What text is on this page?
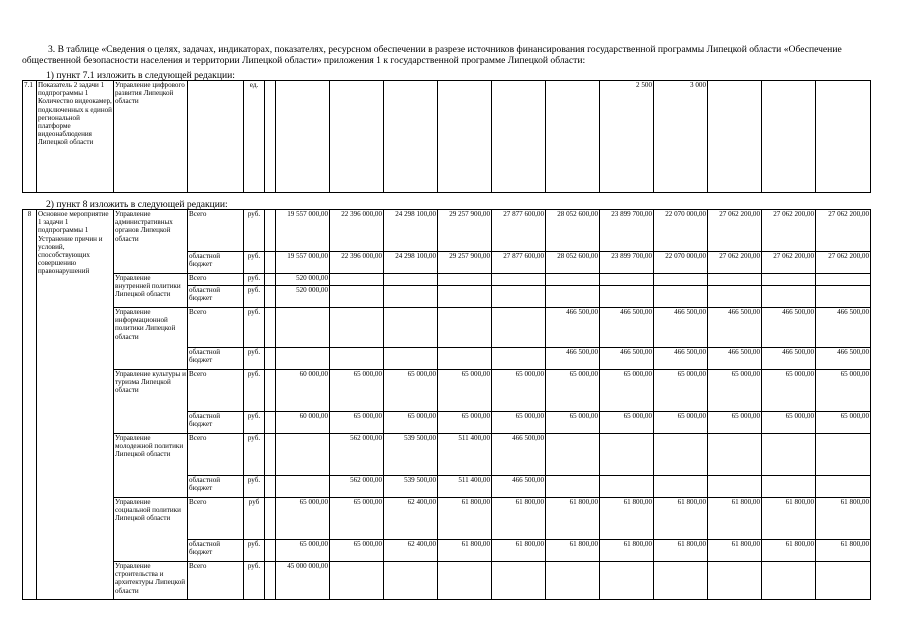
3. В таблице «Сведения о целях, задачах, индикаторах, показателях, ресурсном обеспечении в разрезе источников финансирования государственной программы Липецкой области «Обеспечение общественной безопасности населения и территории Липецкой области» приложения 1 к государственной программе Липецкой области:
1) пункт 7.1 изложить в следующей редакции:
7.1	Показатель 2 задачи 1 подпрограммы 1 Количество видеокамер, подключенных к единой региональной платформе видеонаблюдения Липецкой области	Управление цифрового развития Липецкой области		ед.								2 500	3 000			
2) пункт 8 изложить в следующей редакции:
8	Основное мероприятие 1 задачи 1 подпрограммы 1 Устранение причин и условий, способствующих совершению правонарушений	Управление административных органов Липецкой области	Всего	руб.		19 557 000,00	22 396 000,00	24 298 100,00	29 257 900,00	27 877 600,00	28 052 600,00	23 899 700,00	22 070 000,00	27 062 200,00	27 062 200,00	27 062 200,00
			областной бюджет	руб.		19 557 000,00	22 396 000,00	24 298 100,00	29 257 900,00	27 877 600,00	28 052 600,00	23 899 700,00	22 070 000,00	27 062 200,00	27 062 200,00	27 062 200,00
		Управление внутренней политики Липецкой области	Всего	руб.		520 000,00										
			областной бюджет	руб.		520 000,00										
		Управление информационной политики Липецкой области	Всего	руб.							466 500,00	466 500,00	466 500,00	466 500,00	466 500,00	466 500,00
			областной бюджет	руб.							466 500,00	466 500,00	466 500,00	466 500,00	466 500,00	466 500,00
		Управление культуры и туризма Липецкой области	Всего	руб.		60 000,00	65 000,00	65 000,00	65 000,00	65 000,00	65 000,00	65 000,00	65 000,00	65 000,00	65 000,00	65 000,00
			областной бюджет	руб.		60 000,00	65 000,00	65 000,00	65 000,00	65 000,00	65 000,00	65 000,00	65 000,00	65 000,00	65 000,00	65 000,00
		Управление молодежной политики Липецкой области	Всего	руб.			562 000,00	539 500,00	511 400,00	466 500,00						
			областной бюджет	руб.			562 000,00	539 500,00	511 400,00	466 500,00						
		Управление социальной политики Липецкой области	Всего	руб		65 000,00	65 000,00	62 400,00	61 800,00	61 800,00	61 800,00	61 800,00	61 800,00	61 800,00	61 800,00	61 800,00
			областной бюджет	руб.		65 000,00	65 000,00	62 400,00	61 800,00	61 800,00	61 800,00	61 800,00	61 800,00	61 800,00	61 800,00	61 800,00
		Управление строительства и архитектуры Липецкой области	Всего	руб.		45 000 000,00										
